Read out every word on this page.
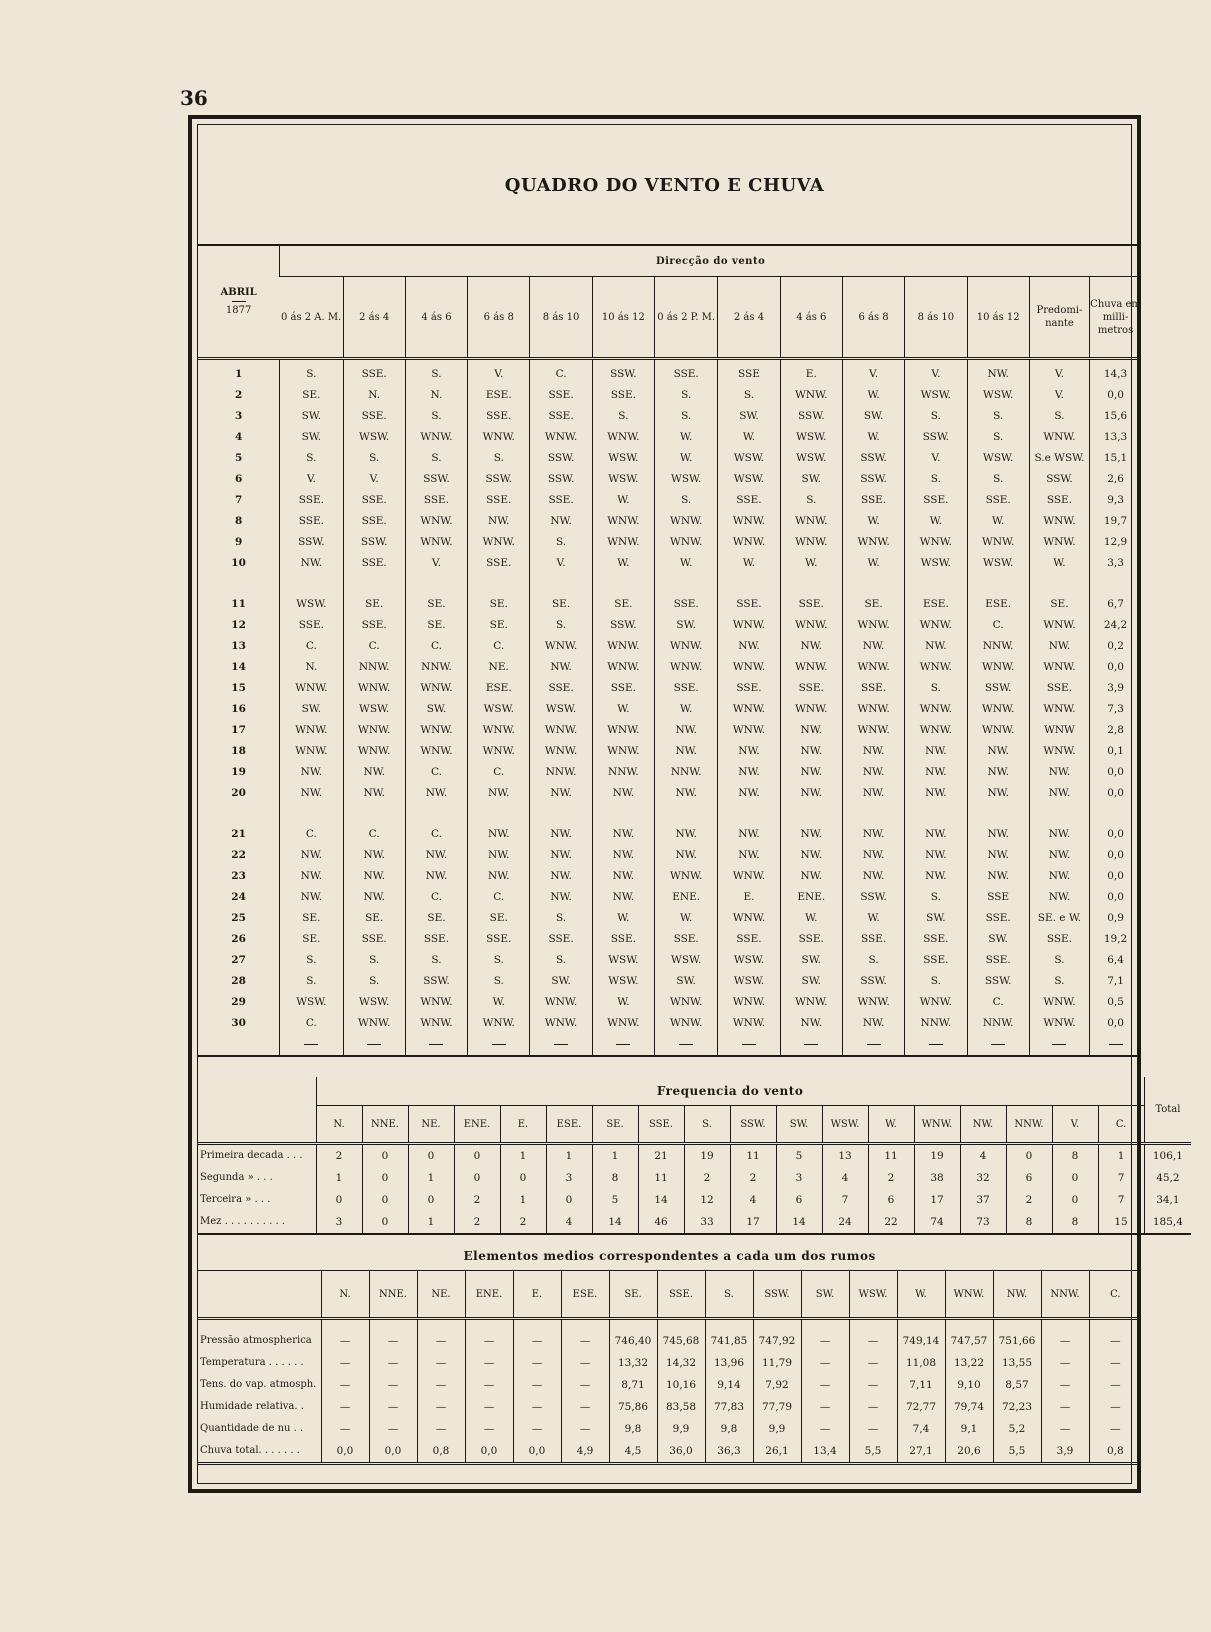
36
QUADRO DO VENTO E CHUVA
ABRIL
1877	Direcção do vento													
	0 ás 2 A. M.	2 ás 4	4 ás 6	6 ás 8	8 ás 10	10 ás 12	0 ás 2 P. M.	2 ás 4	4 ás 6	6 ás 8	8 ás 10	10 ás 12	Predomi-nante	Chuva em milli-metros
1	S.	SSE.	S.	V.	C.	SSW.	SSE.	SSE	E.	V.	V.	NW.	V.	14,3
2	SE.	N.	N.	ESE.	SSE.	SSE.	S.	S.	WNW.	W.	WSW.	WSW.	V.	0,0
3	SW.	SSE.	S.	SSE.	SSE.	S.	S.	SW.	SSW.	SW.	S.	S.	S.	15,6
4	SW.	WSW.	WNW.	WNW.	WNW.	WNW.	W.	W.	WSW.	W.	SSW.	S.	WNW.	13,3
5	S.	S.	S.	S.	SSW.	WSW.	W.	WSW.	WSW.	SSW.	V.	WSW.	S.e WSW.	15,1
6	V.	V.	SSW.	SSW.	SSW.	WSW.	WSW.	WSW.	SW.	SSW.	S.	S.	SSW.	2,6
7	SSE.	SSE.	SSE.	SSE.	SSE.	W.	S.	SSE.	S.	SSE.	SSE.	SSE.	SSE.	9,3
8	SSE.	SSE.	WNW.	NW.	NW.	WNW.	WNW.	WNW.	WNW.	W.	W.	W.	WNW.	19,7
9	SSW.	SSW.	WNW.	WNW.	S.	WNW.	WNW.	WNW.	WNW.	WNW.	WNW.	WNW.	WNW.	12,9
10	NW.	SSE.	V.	SSE.	V.	W.	W.	W.	W.	W.	WSW.	WSW.	W.	3,3
11	WSW.	SE.	SE.	SE.	SE.	SE.	SSE.	SSE.	SSE.	SE.	ESE.	ESE.	SE.	6,7
12	SSE.	SSE.	SE.	SE.	S.	SSW.	SW.	WNW.	WNW.	WNW.	WNW.	C.	WNW.	24,2
13	C.	C.	C.	C.	WNW.	WNW.	WNW.	NW.	NW.	NW.	NW.	NNW.	NW.	0,2
14	N.	NNW.	NNW.	NE.	NW.	WNW.	WNW.	WNW.	WNW.	WNW.	WNW.	WNW.	WNW.	0,0
15	WNW.	WNW.	WNW.	ESE.	SSE.	SSE.	SSE.	SSE.	SSE.	SSE.	S.	SSW.	SSE.	3,9
16	SW.	WSW.	SW.	WSW.	WSW.	W.	W.	WNW.	WNW.	WNW.	WNW.	WNW.	WNW.	7,3
17	WNW.	WNW.	WNW.	WNW.	WNW.	WNW.	NW.	WNW.	NW.	WNW.	WNW.	WNW.	WNW	2,8
18	WNW.	WNW.	WNW.	WNW.	WNW.	WNW.	NW.	NW.	NW.	NW.	NW.	NW.	WNW.	0,1
19	NW.	NW.	C.	C.	NNW.	NNW.	NNW.	NW.	NW.	NW.	NW.	NW.	NW.	0,0
20	NW.	NW.	NW.	NW.	NW.	NW.	NW.	NW.	NW.	NW.	NW.	NW.	NW.	0,0
21	C.	C.	C.	NW.	NW.	NW.	NW.	NW.	NW.	NW.	NW.	NW.	NW.	0,0
22	NW.	NW.	NW.	NW.	NW.	NW.	NW.	NW.	NW.	NW.	NW.	NW.	NW.	0,0
23	NW.	NW.	NW.	NW.	NW.	NW.	WNW.	WNW.	NW.	NW.	NW.	NW.	NW.	0,0
24	NW.	NW.	C.	C.	NW.	NW.	ENE.	E.	ENE.	SSW.	S.	SSE	NW.	0,0
25	SE.	SE.	SE.	SE.	S.	W.	W.	WNW.	W.	W.	SW.	SSE.	SE. e W.	0,9
26	SE.	SSE.	SSE.	SSE.	SSE.	SSE.	SSE.	SSE.	SSE.	SSE.	SSE.	SW.	SSE.	19,2
27	S.	S.	S.	S.	S.	WSW.	WSW.	WSW.	SW.	S.	SSE.	SSE.	S.	6,4
28	S.	S.	SSW.	S.	SW.	WSW.	SW.	WSW.	SW.	SSW.	S.	SSW.	S.	7,1
29	WSW.	WSW.	WNW.	W.	WNW.	W.	WNW.	WNW.	WNW.	WNW.	WNW.	C.	WNW.	0,5
30	C.	WNW.	WNW.	WNW.	WNW.	WNW.	WNW.	WNW.	NW.	NW.	NNW.	NNW.	WNW.	0,0

	Frequencia do vento																		Total
	N.	NNE.	NE.	ENE.	E.	ESE.	SE.	SSE.	S.	SSW.	SW.	WSW.	W.	WNW.	NW.	NNW.	V.	C.	
Primeira decada . . .	2	0	0	0	1	1	1	21	19	11	5	13	11	19	4	0	8	1	106,1
Segunda » . . .	1	0	1	0	0	3	8	11	2	2	3	4	2	38	32	6	0	7	45,2
Terceira » . . .	0	0	0	2	1	0	5	14	12	4	6	7	6	17	37	2	0	7	34,1
Mez . . . . . . . . . .	3	0	1	2	2	4	14	46	33	17	14	24	22	74	73	8	8	15	185,4
Elementos medios correspondentes a cada um dos rumos																	
	N.	NNE.	NE.	ENE.	E.	ESE.	SE.	SSE.	S.	SSW.	SW.	WSW.	W.	WNW.	NW.	NNW.	C.
Pressão atmospherica	—	—	—	—	—	—	746,40	745,68	741,85	747,92	—	—	749,14	747,57	751,66	—	—
Temperatura . . . . . .	—	—	—	—	—	—	13,32	14,32	13,96	11,79	—	—	11,08	13,22	13,55	—	—
Tens. do vap. atmosph.	—	—	—	—	—	—	8,71	10,16	9,14	7,92	—	—	7,11	9,10	8,57	—	—
Humidade relativa. .	—	—	—	—	—	—	75,86	83,58	77,83	77,79	—	—	72,77	79,74	72,23	—	—
Quantidade de nu . .	—	—	—	—	—	—	9,8	9,9	9,8	9,9	—	—	7,4	9,1	5,2	—	—
Chuva total. . . . . . .	0,0	0,0	0,8	0,0	0,0	4,9	4,5	36,0	36,3	26,1	13,4	5,5	27,1	20,6	5,5	3,9	0,8
